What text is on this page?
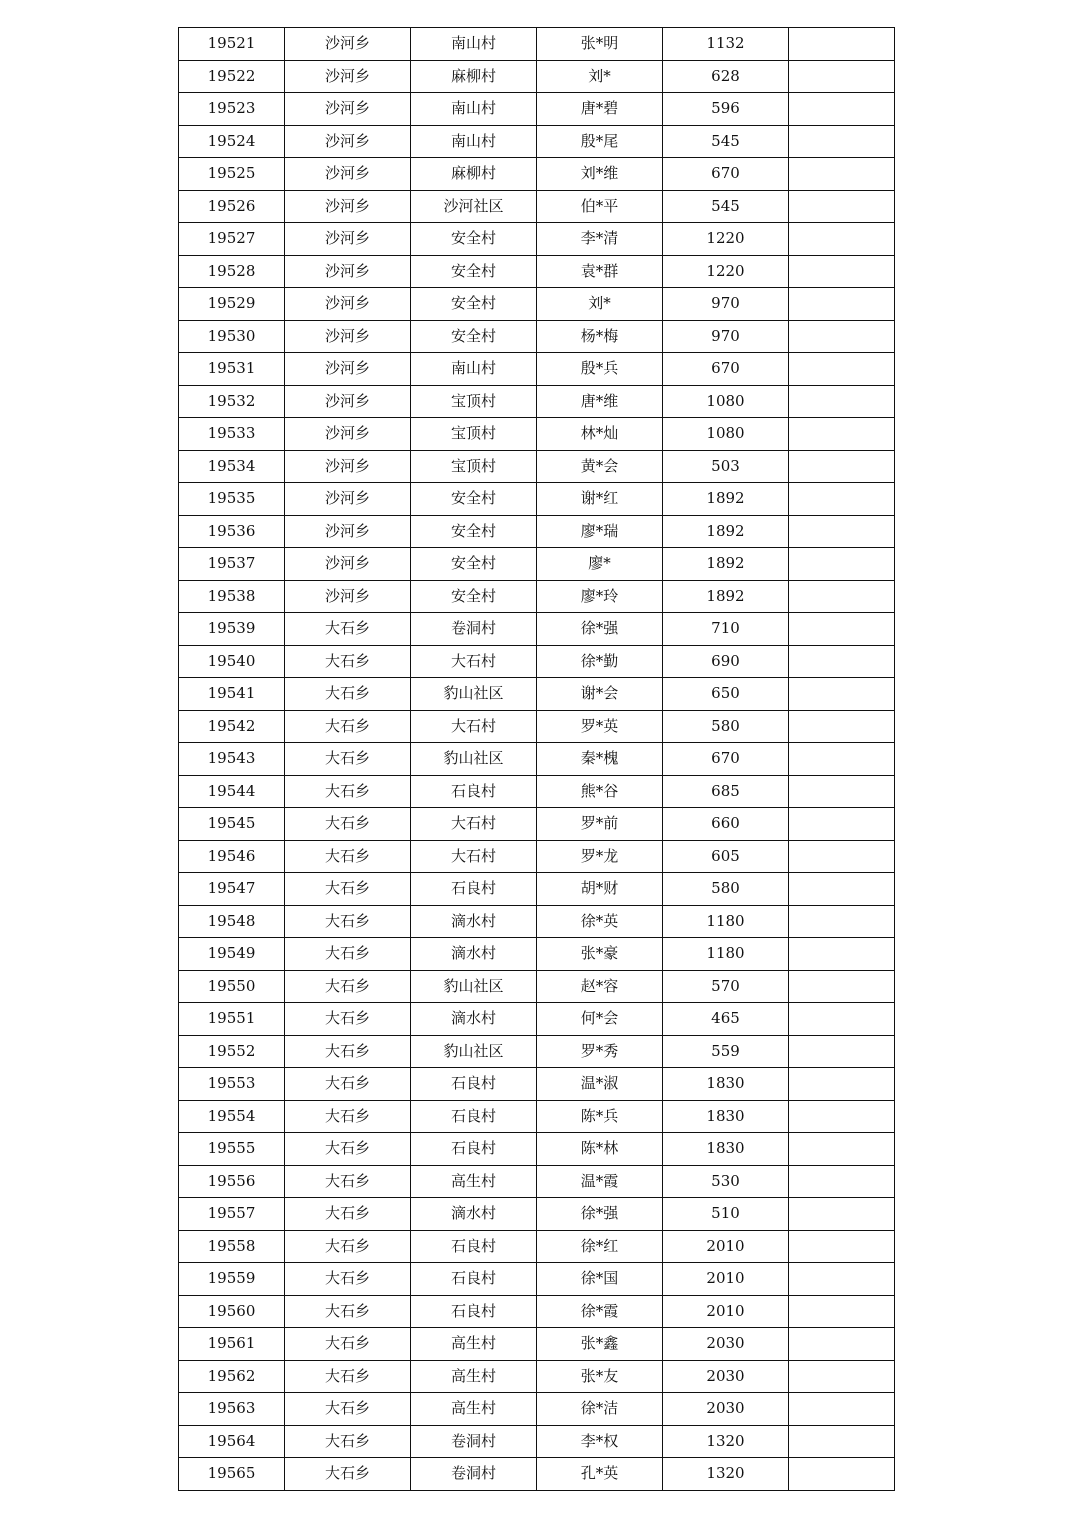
19521	沙河乡	南山村	张*明	1132	
19522	沙河乡	麻柳村	刘*	628	
19523	沙河乡	南山村	唐*碧	596	
19524	沙河乡	南山村	殷*尾	545	
19525	沙河乡	麻柳村	刘*维	670	
19526	沙河乡	沙河社区	伯*平	545	
19527	沙河乡	安全村	李*清	1220	
19528	沙河乡	安全村	袁*群	1220	
19529	沙河乡	安全村	刘*	970	
19530	沙河乡	安全村	杨*梅	970	
19531	沙河乡	南山村	殷*兵	670	
19532	沙河乡	宝顶村	唐*维	1080	
19533	沙河乡	宝顶村	林*灿	1080	
19534	沙河乡	宝顶村	黄*会	503	
19535	沙河乡	安全村	谢*红	1892	
19536	沙河乡	安全村	廖*瑞	1892	
19537	沙河乡	安全村	廖*	1892	
19538	沙河乡	安全村	廖*玲	1892	
19539	大石乡	卷洞村	徐*强	710	
19540	大石乡	大石村	徐*勤	690	
19541	大石乡	豹山社区	谢*会	650	
19542	大石乡	大石村	罗*英	580	
19543	大石乡	豹山社区	秦*槐	670	
19544	大石乡	石良村	熊*谷	685	
19545	大石乡	大石村	罗*前	660	
19546	大石乡	大石村	罗*龙	605	
19547	大石乡	石良村	胡*财	580	
19548	大石乡	滴水村	徐*英	1180	
19549	大石乡	滴水村	张*豪	1180	
19550	大石乡	豹山社区	赵*容	570	
19551	大石乡	滴水村	何*会	465	
19552	大石乡	豹山社区	罗*秀	559	
19553	大石乡	石良村	温*淑	1830	
19554	大石乡	石良村	陈*兵	1830	
19555	大石乡	石良村	陈*林	1830	
19556	大石乡	高生村	温*霞	530	
19557	大石乡	滴水村	徐*强	510	
19558	大石乡	石良村	徐*红	2010	
19559	大石乡	石良村	徐*国	2010	
19560	大石乡	石良村	徐*霞	2010	
19561	大石乡	高生村	张*鑫	2030	
19562	大石乡	高生村	张*友	2030	
19563	大石乡	高生村	徐*洁	2030	
19564	大石乡	卷洞村	李*权	1320	
19565	大石乡	卷洞村	孔*英	1320	
